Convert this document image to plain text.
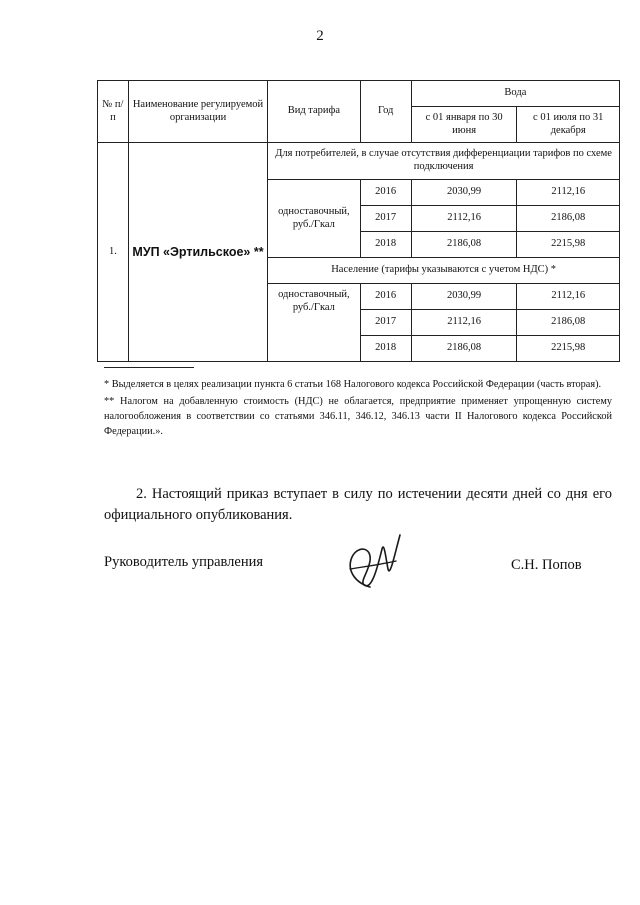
2
№ п/п	Наименование регулируемой организации	Вид тарифа	Год	Вода	
				с 01 января по 30 июня	с 01 июля по 31 декабря
1.	МУП «Эртильское» **	Для потребителей, в случае отсутствия дифференциации тарифов по схеме подключения			
		одноставочный, руб./Гкал	2016	2030,99	2112,16
			2017	2112,16	2186,08
			2018	2186,08	2215,98
		Население (тарифы указываются с учетом НДС) *			
		одноставочный, руб./Гкал	2016	2030,99	2112,16
			2017	2112,16	2186,08
			2018	2186,08	2215,98

* Выделяется в целях реализации пункта 6 статьи 168 Налогового кодекса Российской Федерации (часть вторая).

** Налогом на добавленную стоимость (НДС) не облагается, предприятие применяет упрощенную систему налогообложения в соответствии со статьями 346.11, 346.12, 346.13 части II Налогового кодекса Российской Федерации.».

2. Настоящий приказ вступает в силу по истечении десяти дней со дня его официального опубликования.
Руководитель управления	С.Н. Попов
